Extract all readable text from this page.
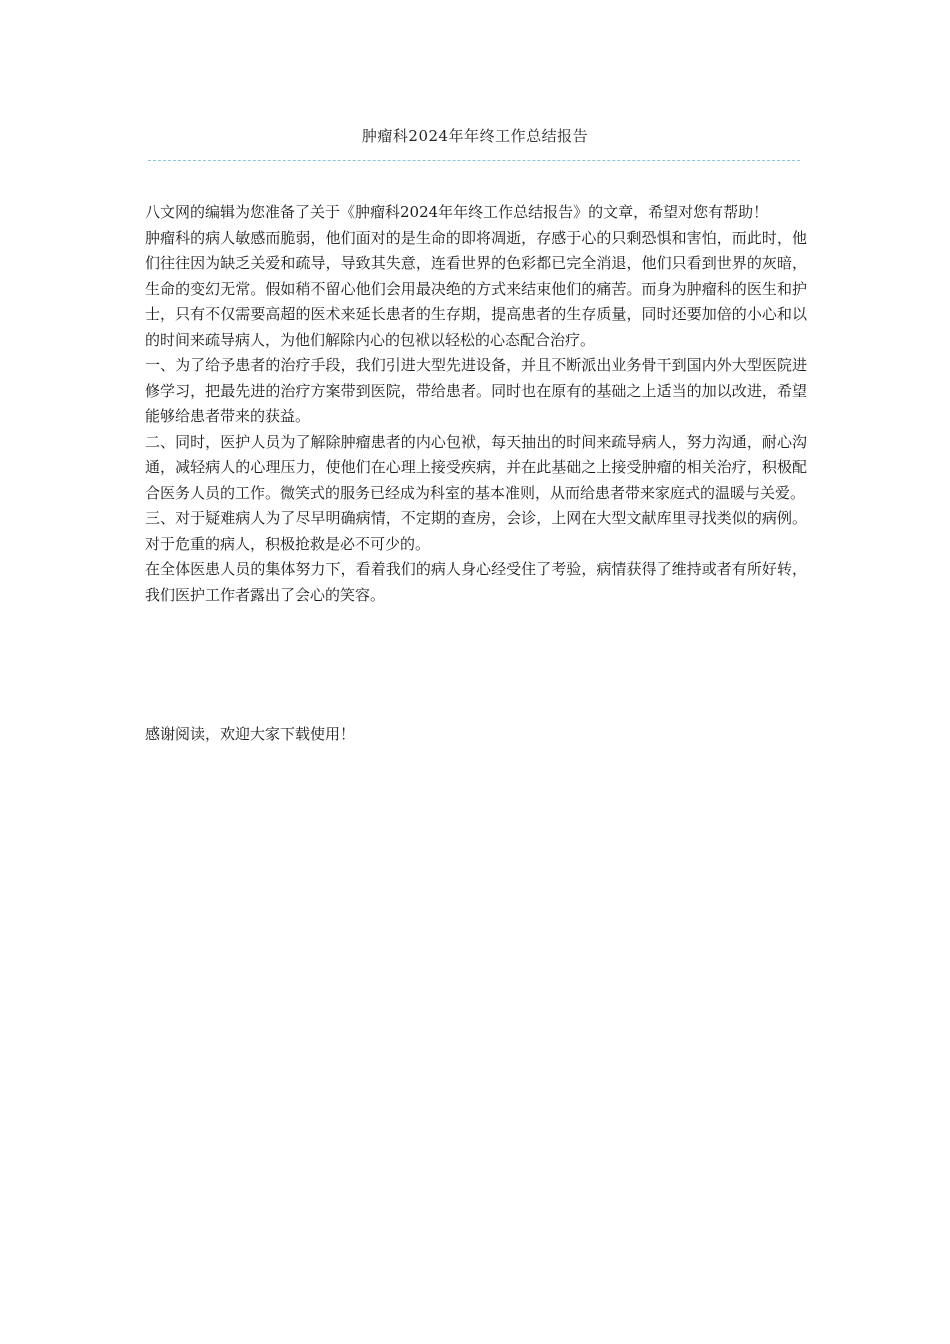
肿瘤科2024年年终工作总结报告

八文网的编辑为您准备了关于《肿瘤科2024年年终工作总结报告》的文章，希望对您有帮助！

肿瘤科的病人敏感而脆弱，他们面对的是生命的即将凋逝，存感于心的只剩恐惧和害怕，而此时，他们往往因为缺乏关爱和疏导，导致其失意，连看世界的色彩都已完全消退，他们只看到世界的灰暗，生命的变幻无常。假如稍不留心他们会用最决绝的方式来结束他们的痛苦。而身为肿瘤科的医生和护士，只有不仅需要高超的医术来延长患者的生存期，提高患者的生存质量，同时还要加倍的小心和以的时间来疏导病人，为他们解除内心的包袱以轻松的心态配合治疗。

一、为了给予患者的治疗手段，我们引进大型先进设备，并且不断派出业务骨干到国内外大型医院进修学习，把最先进的治疗方案带到医院，带给患者。同时也在原有的基础之上适当的加以改进，希望能够给患者带来的获益。

二、同时，医护人员为了解除肿瘤患者的内心包袱，每天抽出的时间来疏导病人，努力沟通，耐心沟通，减轻病人的心理压力，使他们在心理上接受疾病，并在此基础之上接受肿瘤的相关治疗，积极配合医务人员的工作。微笑式的服务已经成为科室的基本准则，从而给患者带来家庭式的温暖与关爱。

三、对于疑难病人为了尽早明确病情，不定期的查房，会诊，上网在大型文献库里寻找类似的病例。对于危重的病人，积极抢救是必不可少的。

在全体医患人员的集体努力下，看着我们的病人身心经受住了考验，病情获得了维持或者有所好转，我们医护工作者露出了会心的笑容。

感谢阅读，欢迎大家下载使用！
